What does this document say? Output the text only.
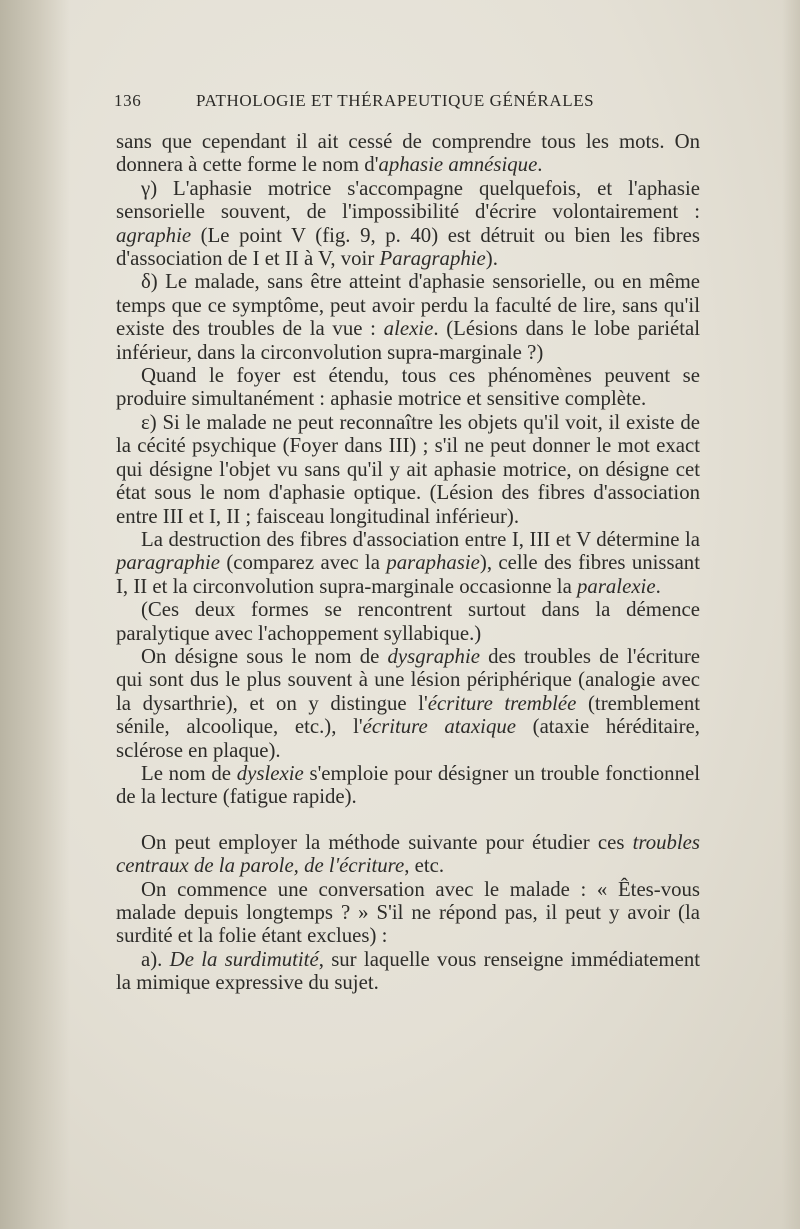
136	PATHOLOGIE ET THÉRAPEUTIQUE GÉNÉRALES

sans que cependant il ait cessé de comprendre tous les mots. On donnera à cette forme le nom d'aphasie amnésique.

γ) L'aphasie motrice s'accompagne quelquefois, et l'aphasie sensorielle souvent, de l'impossibilité d'écrire volontairement : agraphie (Le point V (fig. 9, p. 40) est détruit ou bien les fibres d'association de I et II à V, voir Paragraphie).

δ) Le malade, sans être atteint d'aphasie sensorielle, ou en même temps que ce symptôme, peut avoir perdu la faculté de lire, sans qu'il existe des troubles de la vue : alexie. (Lésions dans le lobe pariétal inférieur, dans la circonvolution supra-marginale ?)

Quand le foyer est étendu, tous ces phénomènes peuvent se produire simultanément : aphasie motrice et sensitive complète.

ε) Si le malade ne peut reconnaître les objets qu'il voit, il existe de la cécité psychique (Foyer dans III) ; s'il ne peut donner le mot exact qui désigne l'objet vu sans qu'il y ait aphasie motrice, on désigne cet état sous le nom d'aphasie optique. (Lésion des fibres d'association entre III et I, II ; faisceau longitudinal inférieur).

La destruction des fibres d'association entre I, III et V détermine la paragraphie (comparez avec la paraphasie), celle des fibres unissant I, II et la circonvolution supra-marginale occasionne la paralexie.

(Ces deux formes se rencontrent surtout dans la démence paralytique avec l'achoppement syllabique.)

On désigne sous le nom de dysgraphie des troubles de l'écriture qui sont dus le plus souvent à une lésion périphérique (analogie avec la dysarthrie), et on y distingue l'écriture tremblée (tremblement sénile, alcoolique, etc.), l'écriture ataxique (ataxie héréditaire, sclérose en plaque).

Le nom de dyslexie s'emploie pour désigner un trouble fonctionnel de la lecture (fatigue rapide).

On peut employer la méthode suivante pour étudier ces troubles centraux de la parole, de l'écriture, etc.

On commence une conversation avec le malade : « Êtes-vous malade depuis longtemps ? » S'il ne répond pas, il peut y avoir (la surdité et la folie étant exclues) :

a). De la surdimutité, sur laquelle vous renseigne immédiatement la mimique expressive du sujet.
